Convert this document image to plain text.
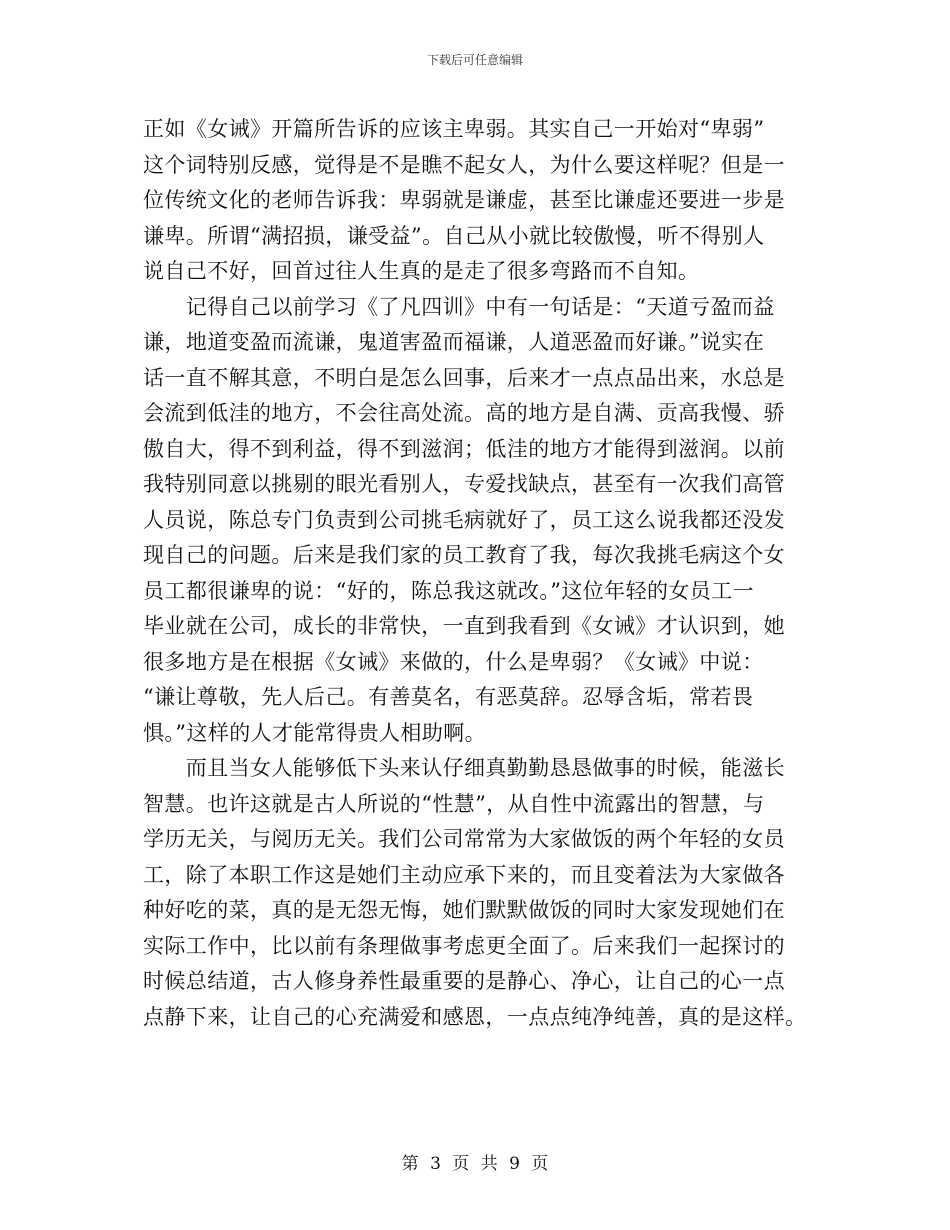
下载后可任意编辑
正如《女诫》开篇所告诉的应该主卑弱。其实自己一开始对“卑弱”
这个词特别反感，觉得是不是瞧不起女人，为什么要这样呢？但是一
位传统文化的老师告诉我：卑弱就是谦虚，甚至比谦虚还要进一步是
谦卑。所谓“满招损，谦受益”。自己从小就比较傲慢，听不得别人
说自己不好，回首过往人生真的是走了很多弯路而不自知。
　　记得自己以前学习《了凡四训》中有一句话是：“天道亏盈而益
谦，地道变盈而流谦，鬼道害盈而福谦，人道恶盈而好谦。”说实在
话一直不解其意，不明白是怎么回事，后来才一点点品出来，水总是
会流到低洼的地方，不会往高处流。高的地方是自满、贡高我慢、骄
傲自大，得不到利益，得不到滋润；低洼的地方才能得到滋润。以前
我特别同意以挑剔的眼光看别人，专爱找缺点，甚至有一次我们高管
人员说，陈总专门负责到公司挑毛病就好了，员工这么说我都还没发
现自己的问题。后来是我们家的员工教育了我，每次我挑毛病这个女
员工都很谦卑的说：“好的，陈总我这就改。”这位年轻的女员工一
毕业就在公司，成长的非常快，一直到我看到《女诫》才认识到，她
很多地方是在根据《女诫》来做的，什么是卑弱？《女诫》中说：
“谦让尊敬，先人后己。有善莫名，有恶莫辞。忍辱含垢，常若畏
惧。”这样的人才能常得贵人相助啊。
　　而且当女人能够低下头来认仔细真勤勤恳恳做事的时候，能滋长
智慧。也许这就是古人所说的“性慧”，从自性中流露出的智慧，与
学历无关，与阅历无关。我们公司常常为大家做饭的两个年轻的女员
工，除了本职工作这是她们主动应承下来的，而且变着法为大家做各
种好吃的菜，真的是无怨无悔，她们默默做饭的同时大家发现她们在
实际工作中，比以前有条理做事考虑更全面了。后来我们一起探讨的
时候总结道，古人修身养性最重要的是静心、净心，让自己的心一点
点静下来，让自己的心充满爱和感恩，一点点纯净纯善，真的是这样。
第 3 页 共 9 页
